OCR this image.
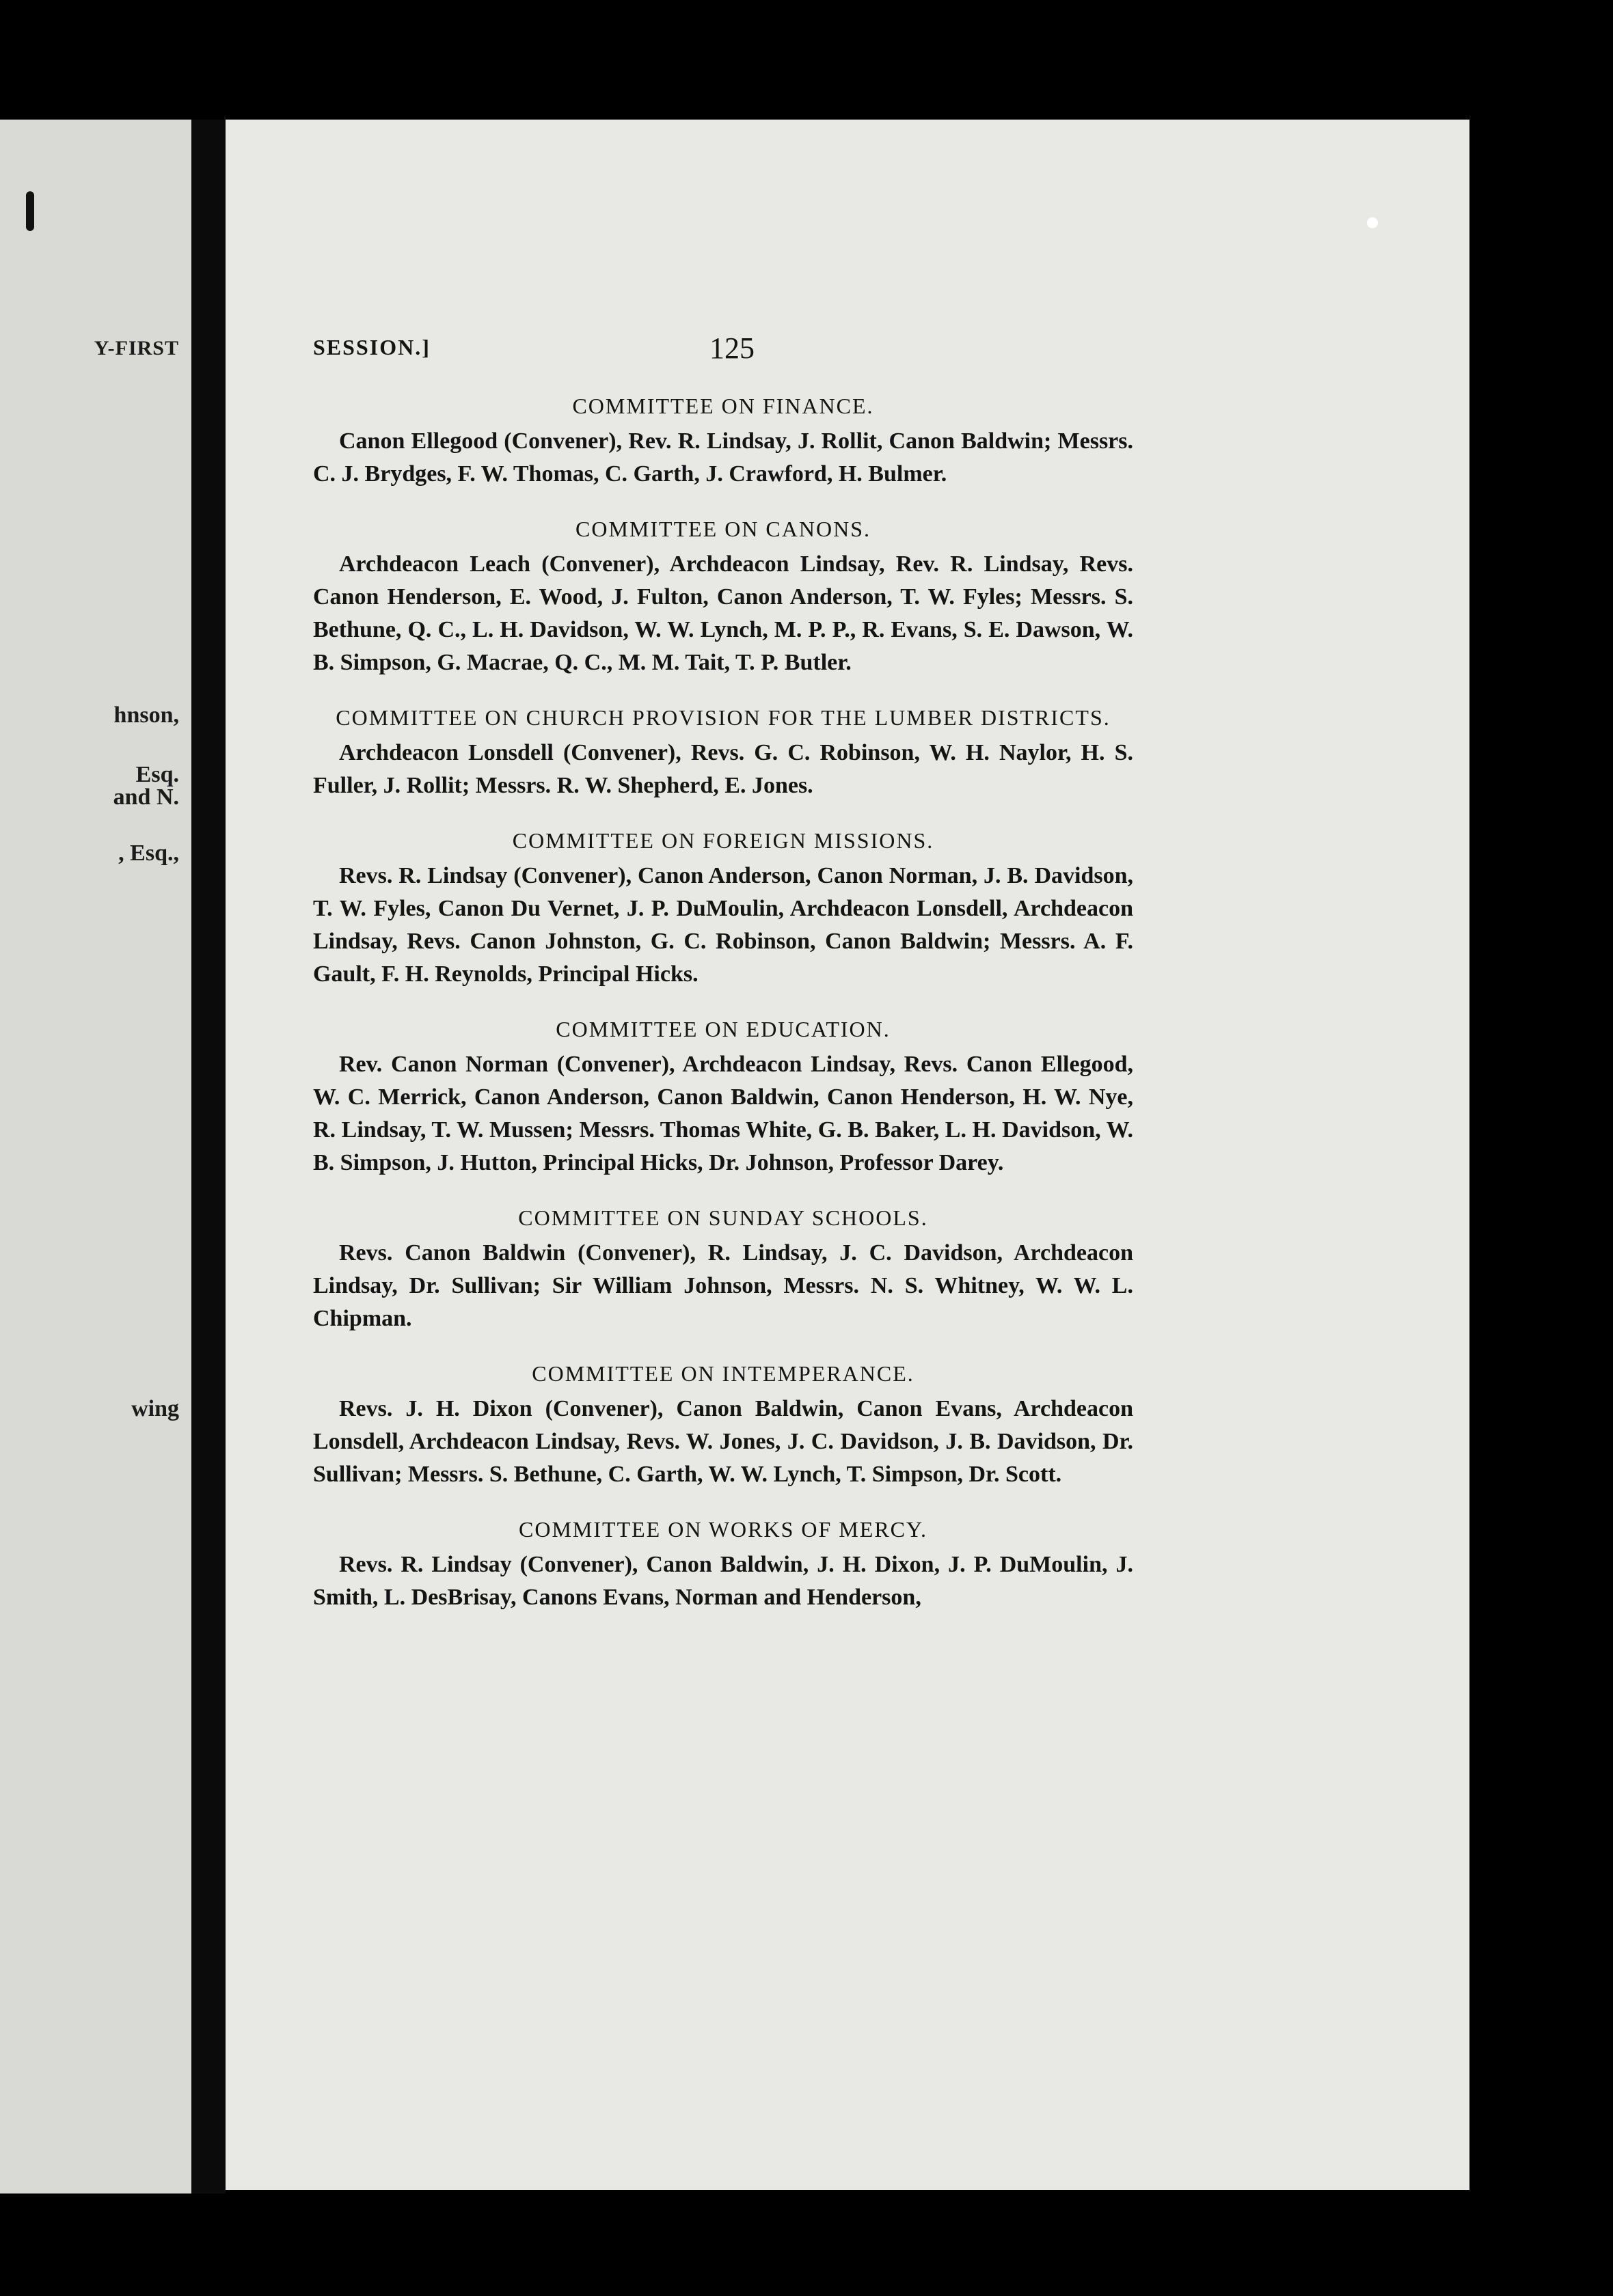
Y-FIRST
hnson,
Esq.
and N.
, Esq.,
wing
SESSION.]	125
COMMITTEE ON FINANCE.

Canon Ellegood (Convener), Rev. R. Lindsay, J. Rollit, Canon Baldwin; Messrs. C. J. Brydges, F. W. Thomas, C. Garth, J. Crawford, H. Bulmer.

COMMITTEE ON CANONS.

Archdeacon Leach (Convener), Archdeacon Lindsay, Rev. R. Lindsay, Revs. Canon Henderson, E. Wood, J. Fulton, Canon Anderson, T. W. Fyles; Messrs. S. Bethune, Q. C., L. H. Davidson, W. W. Lynch, M. P. P., R. Evans, S. E. Dawson, W. B. Simpson, G. Macrae, Q. C., M. M. Tait, T. P. Butler.

COMMITTEE ON CHURCH PROVISION FOR THE LUMBER DISTRICTS.

Archdeacon Lonsdell (Convener), Revs. G. C. Robinson, W. H. Naylor, H. S. Fuller, J. Rollit; Messrs. R. W. Shepherd, E. Jones.

COMMITTEE ON FOREIGN MISSIONS.

Revs. R. Lindsay (Convener), Canon Anderson, Canon Norman, J. B. Davidson, T. W. Fyles, Canon Du Vernet, J. P. DuMoulin, Archdeacon Lonsdell, Archdeacon Lindsay, Revs. Canon Johnston, G. C. Robinson, Canon Baldwin; Messrs. A. F. Gault, F. H. Reynolds, Principal Hicks.

COMMITTEE ON EDUCATION.

Rev. Canon Norman (Convener), Archdeacon Lindsay, Revs. Canon Ellegood, W. C. Merrick, Canon Anderson, Canon Baldwin, Canon Henderson, H. W. Nye, R. Lindsay, T. W. Mussen; Messrs. Thomas White, G. B. Baker, L. H. Davidson, W. B. Simpson, J. Hutton, Principal Hicks, Dr. Johnson, Professor Darey.

COMMITTEE ON SUNDAY SCHOOLS.

Revs. Canon Baldwin (Convener), R. Lindsay, J. C. Davidson, Archdeacon Lindsay, Dr. Sullivan; Sir William Johnson, Messrs. N. S. Whitney, W. W. L. Chipman.

COMMITTEE ON INTEMPERANCE.

Revs. J. H. Dixon (Convener), Canon Baldwin, Canon Evans, Archdeacon Lonsdell, Archdeacon Lindsay, Revs. W. Jones, J. C. Davidson, J. B. Davidson, Dr. Sullivan; Messrs. S. Bethune, C. Garth, W. W. Lynch, T. Simpson, Dr. Scott.

COMMITTEE ON WORKS OF MERCY.

Revs. R. Lindsay (Convener), Canon Baldwin, J. H. Dixon, J. P. DuMoulin, J. Smith, L. DesBrisay, Canons Evans, Norman and Henderson,
